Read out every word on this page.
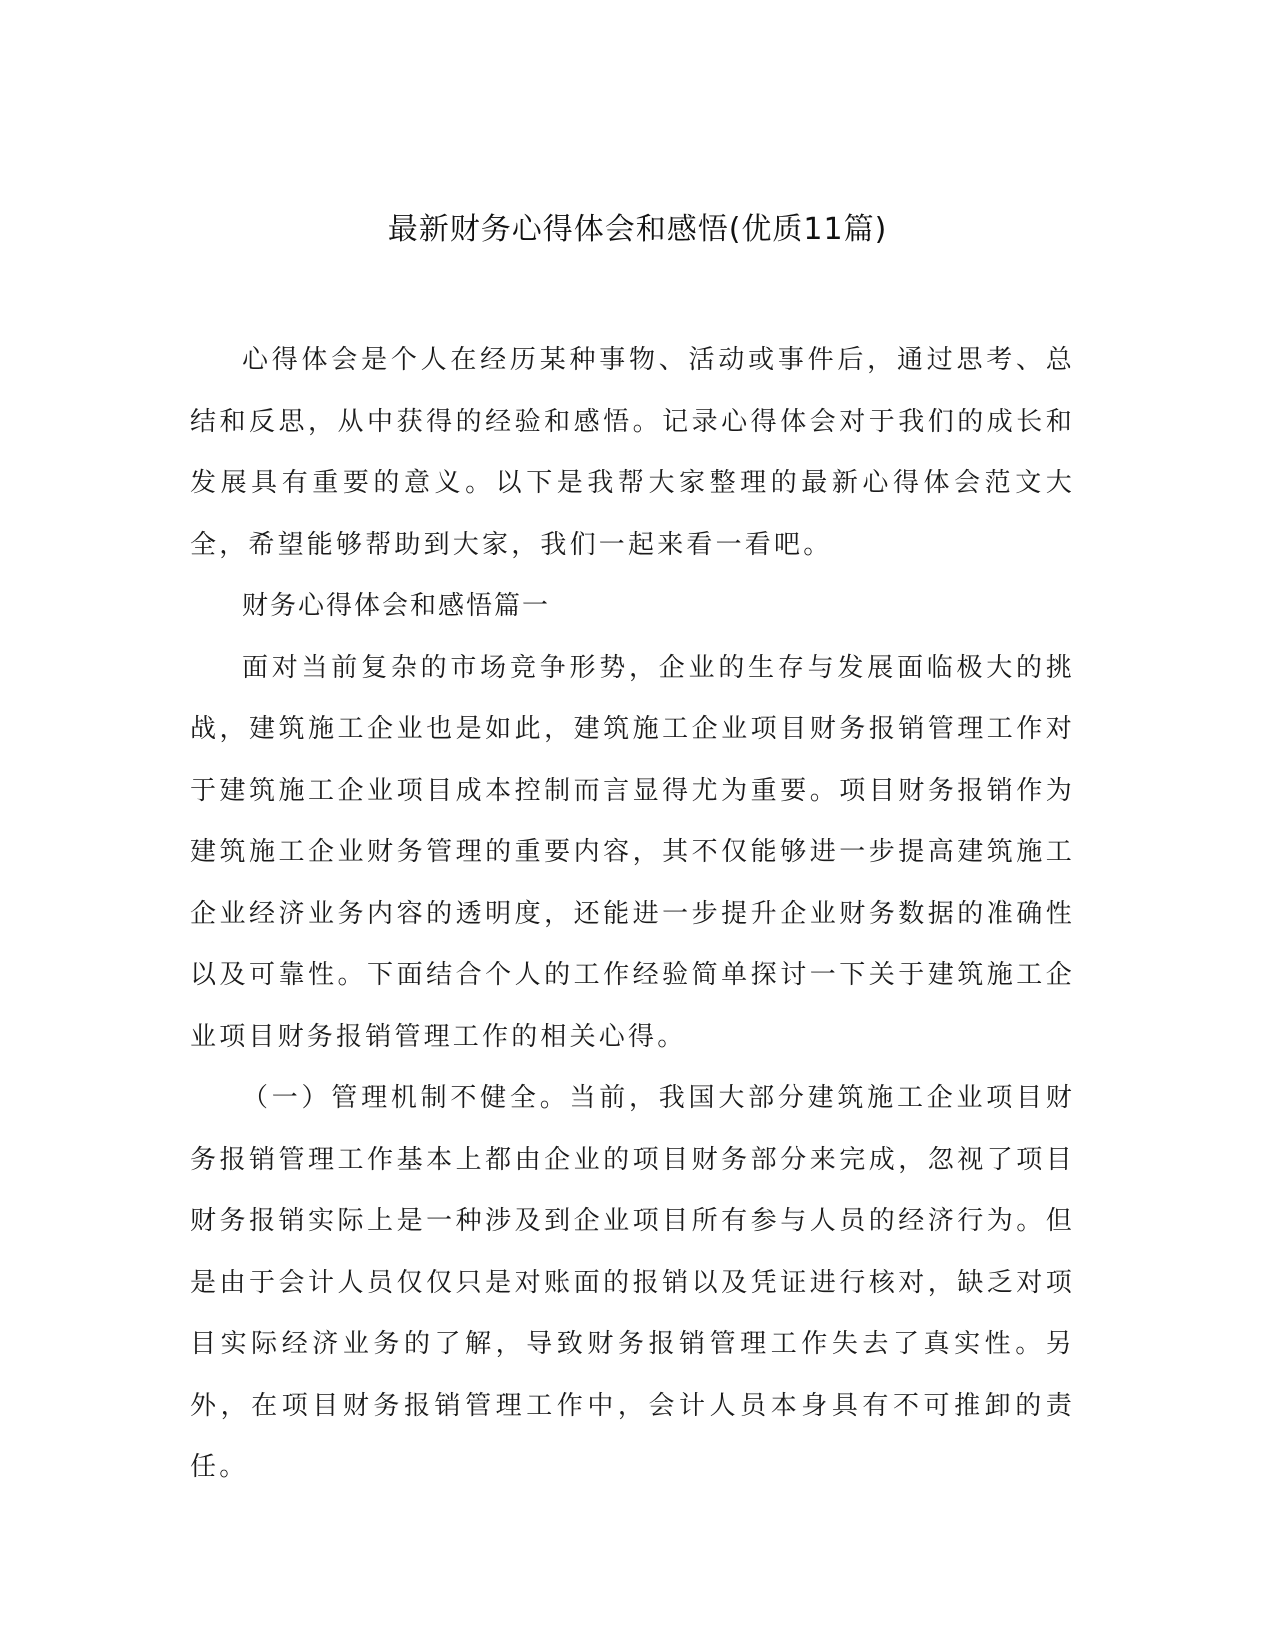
最新财务心得体会和感悟(优质11篇)

心得体会是个人在经历某种事物、活动或事件后，通过思考、总结和反思，从中获得的经验和感悟。记录心得体会对于我们的成长和发展具有重要的意义。以下是我帮大家整理的最新心得体会范文大全，希望能够帮助到大家，我们一起来看一看吧。

财务心得体会和感悟篇一

面对当前复杂的市场竞争形势，企业的生存与发展面临极大的挑战，建筑施工企业也是如此，建筑施工企业项目财务报销管理工作对于建筑施工企业项目成本控制而言显得尤为重要。项目财务报销作为建筑施工企业财务管理的重要内容，其不仅能够进一步提高建筑施工企业经济业务内容的透明度，还能进一步提升企业财务数据的准确性以及可靠性。下面结合个人的工作经验简单探讨一下关于建筑施工企业项目财务报销管理工作的相关心得。

（一）管理机制不健全。当前，我国大部分建筑施工企业项目财务报销管理工作基本上都由企业的项目财务部分来完成，忽视了项目财务报销实际上是一种涉及到企业项目所有参与人员的经济行为。但是由于会计人员仅仅只是对账面的报销以及凭证进行核对，缺乏对项目实际经济业务的了解，导致财务报销管理工作失去了真实性。另外，在项目财务报销管理工作中，会计人员本身具有不可推卸的责任。
